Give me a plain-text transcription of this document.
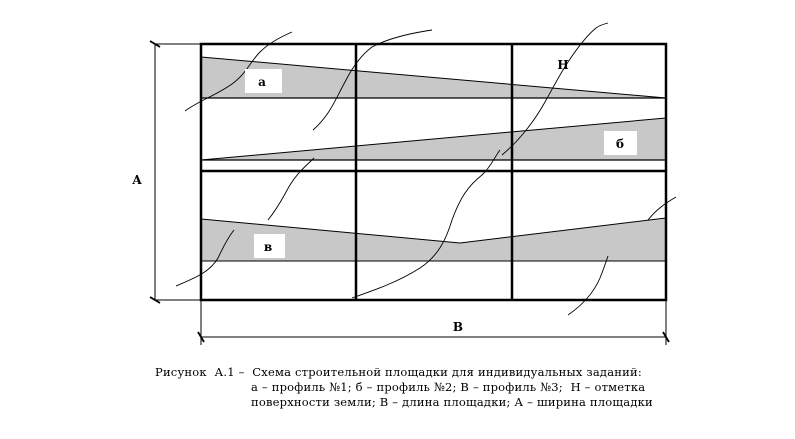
а
б
в
Н
А
В
Рисунок  А.1 –  Схема строительной площадки для индивидуальных заданий:
а – профиль №1; б – профиль №2; В – профиль №3;  Н – отметка
поверхности земли; В – длина площадки; А – ширина площадки
